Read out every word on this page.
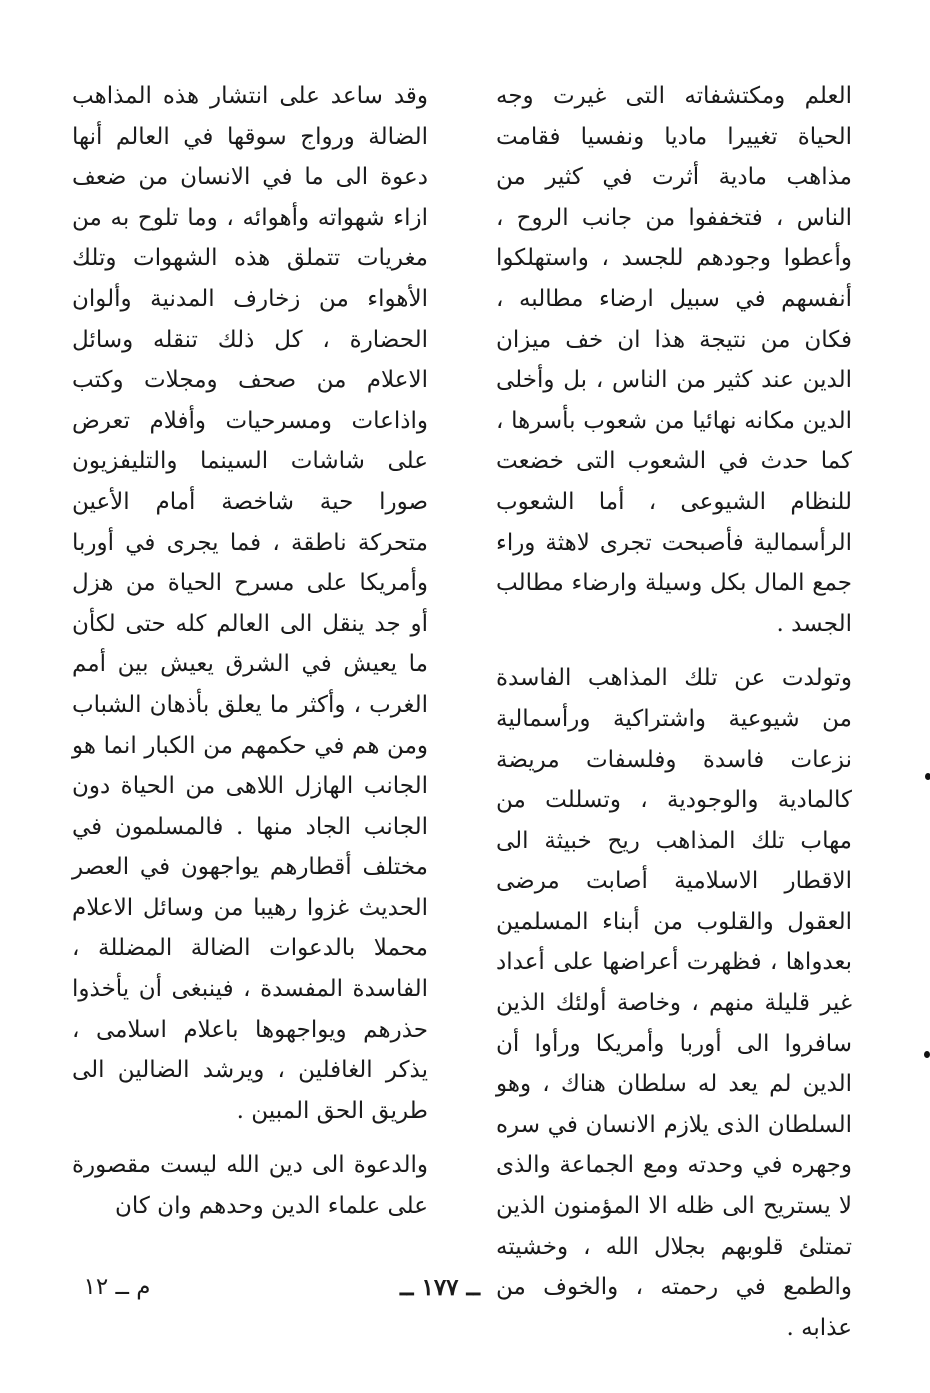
العلم ومكتشفاته التى غيرت وجه الحياة تغييرا ماديا ونفسيا فقامت مذاهب مادية أثرت في كثير من الناس ، فتخففوا من جانب الروح ، وأعطوا وجودهم للجسد ، واستهلكوا أنفسهم في سبيل ارضاء مطالبه ، فكان من نتيجة هذا ان خف ميزان الدين عند كثير من الناس ، بل وأخلى الدين مكانه نهائيا من شعوب بأسرها ، كما حدث في الشعوب التى خضعت للنظام الشيوعى ، أما الشعوب الرأسمالية فأصبحت تجرى لاهثة وراء جمع المال بكل وسيلة وارضاء مطالب الجسد .

وتولدت عن تلك المذاهب الفاسدة من شيوعية واشتراكية ورأسمالية نزعات فاسدة وفلسفات مريضة كالمادية والوجودية ، وتسللت من مهاب تلك المذاهب ريح خبيثة الى الاقطار الاسلامية أصابت مرضى العقول والقلوب من أبناء المسلمين بعدواها ، فظهرت أعراضها على أعداد غير قليلة منهم ، وخاصة أولئك الذين سافروا الى أوربا وأمريكا ورأوا أن الدين لم يعد له سلطان هناك ، وهو السلطان الذى يلازم الانسان في سره وجهره في وحدته ومع الجماعة والذى لا يستريح الى ظله الا المؤمنون الذين تمتلئ قلوبهم بجلال الله ، وخشيته والطمع في رحمته ، والخوف من عذابه .

وقد ساعد على انتشار هذه المذاهب الضالة ورواج سوقها في العالم أنها دعوة الى ما في الانسان من ضعف ازاء شهواته وأهوائه ، وما تلوح به من مغريات تتملق هذه الشهوات وتلك الأهواء من زخارف المدنية وألوان الحضارة ، كل ذلك تنقله وسائل الاعلام من صحف ومجلات وكتب واذاعات ومسرحيات وأفلام تعرض على شاشات السينما والتليفزيون صورا حية شاخصة أمام الأعين متحركة ناطقة ، فما يجرى في أوربا وأمريكا على مسرح الحياة من هزل أو جد ينقل الى العالم كله حتى لكأن ما يعيش في الشرق يعيش بين أمم الغرب ، وأكثر ما يعلق بأذهان الشباب ومن هم في حكمهم من الكبار انما هو الجانب الهازل اللاهى من الحياة دون الجانب الجاد منها . فالمسلمون في مختلف أقطارهم يواجهون في العصر الحديث غزوا رهيبا من وسائل الاعلام محملا بالدعوات الضالة المضللة ، الفاسدة المفسدة ، فينبغى أن يأخذوا حذرهم ويواجهوها باعلام اسلامى ، يذكر الغافلين ، ويرشد الضالين الى طريق الحق المبين .

والدعوة الى دين الله ليست مقصورة على علماء الدين وحدهم وان كان

ــ ١٧٧ ــ
م ــ ١٢
